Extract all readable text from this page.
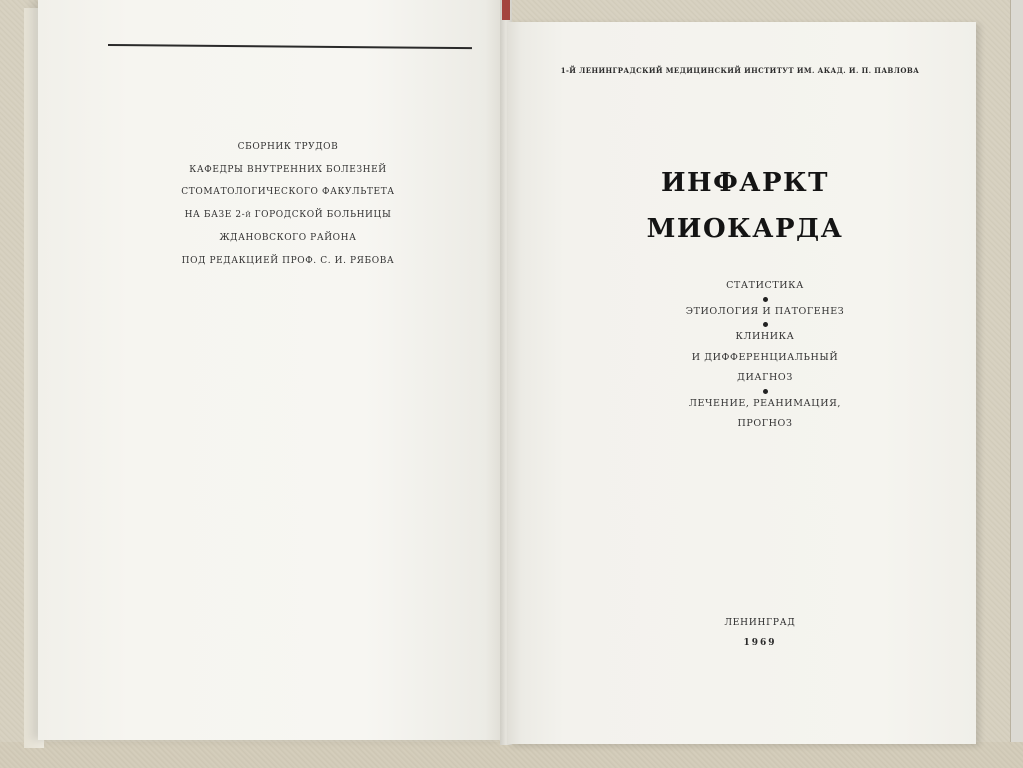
СБОРНИК ТРУДОВ
КАФЕДРЫ ВНУТРЕННИХ БОЛЕЗНЕЙ
СТОМАТОЛОГИЧЕСКОГО ФАКУЛЬТЕТА
НА БАЗЕ 2-й ГОРОДСКОЙ БОЛЬНИЦЫ
ЖДАНОВСКОГО РАЙОНА
ПОД РЕДАКЦИЕЙ ПРОФ. С. И. РЯБОВА
1-Й ЛЕНИНГРАДСКИЙ МЕДИЦИНСКИЙ ИНСТИТУТ ИМ. АКАД. И. П. ПАВЛОВА
ИНФАРКТ
МИОКАРДА
СТАТИСТИКА
ЭТИОЛОГИЯ И ПАТОГЕНЕЗ
КЛИНИКА
И ДИФФЕРЕНЦИАЛЬНЫЙ
ДИАГНОЗ
ЛЕЧЕНИЕ, РЕАНИМАЦИЯ,
ПРОГНОЗ
ЛЕНИНГРАД
1969
